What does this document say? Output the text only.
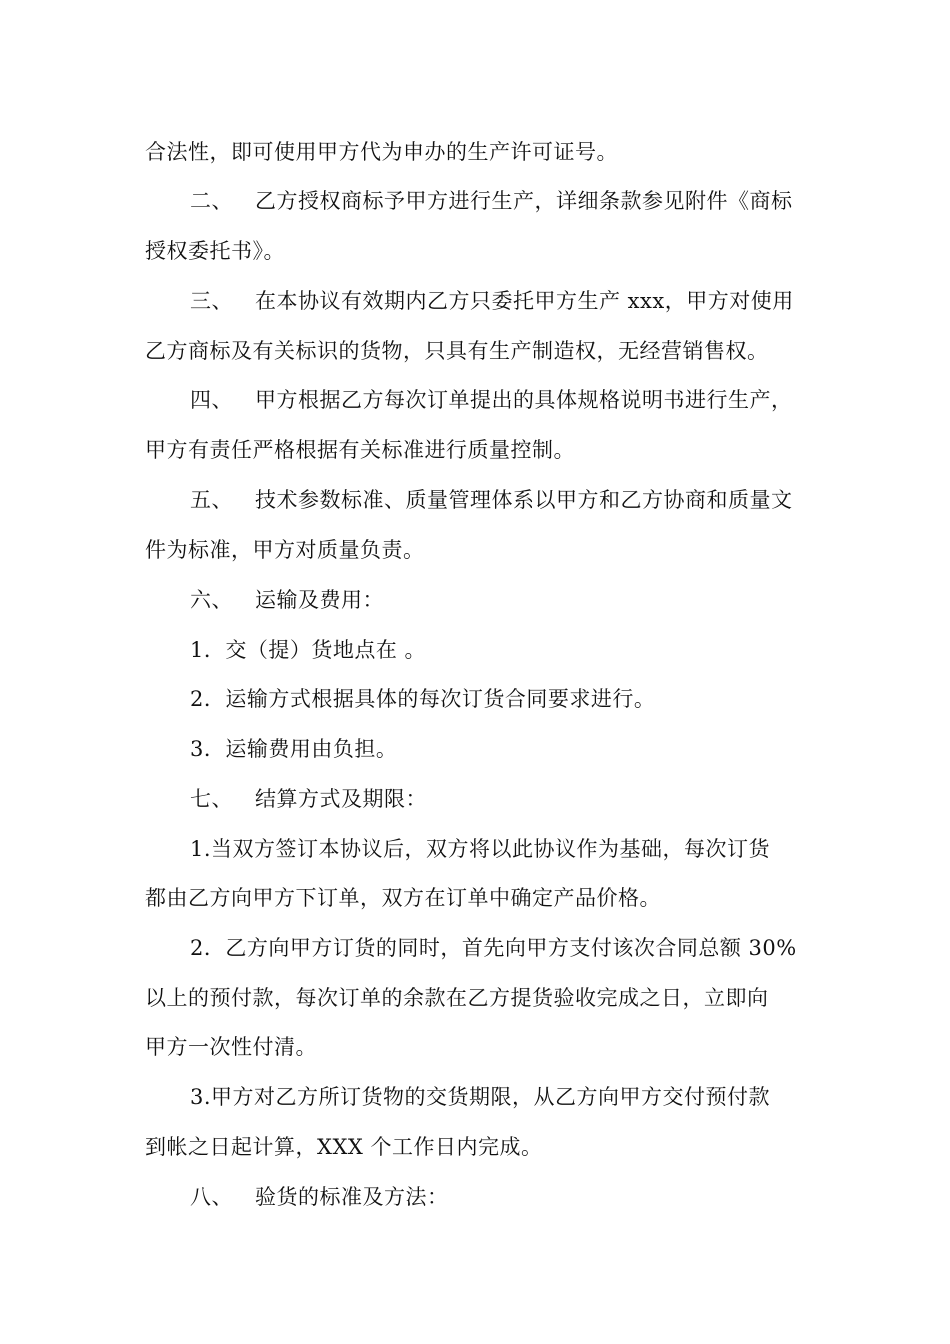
合法性，即可使用甲方代为申办的生产许可证号。
二、 乙方授权商标予甲方进行生产，详细条款参见附件《商标
授权委托书》。
三、 在本协议有效期内乙方只委托甲方生产 xxx，甲方对使用
乙方商标及有关标识的货物，只具有生产制造权，无经营销售权。
四、 甲方根据乙方每次订单提出的具体规格说明书进行生产，
甲方有责任严格根据有关标准进行质量控制。
五、 技术参数标准、质量管理体系以甲方和乙方协商和质量文
件为标准，甲方对质量负责。
六、 运输及费用：
1．交（提）货地点在 。
2．运输方式根据具体的每次订货合同要求进行。
3．运输费用由负担。
七、 结算方式及期限：
1.当双方签订本协议后，双方将以此协议作为基础，每次订货
都由乙方向甲方下订单，双方在订单中确定产品价格。
2．乙方向甲方订货的同时，首先向甲方支付该次合同总额 30%
以上的预付款，每次订单的余款在乙方提货验收完成之日，立即向
甲方一次性付清。
3.甲方对乙方所订货物的交货期限，从乙方向甲方交付预付款
到帐之日起计算，XXX 个工作日内完成。
八、 验货的标准及方法：
